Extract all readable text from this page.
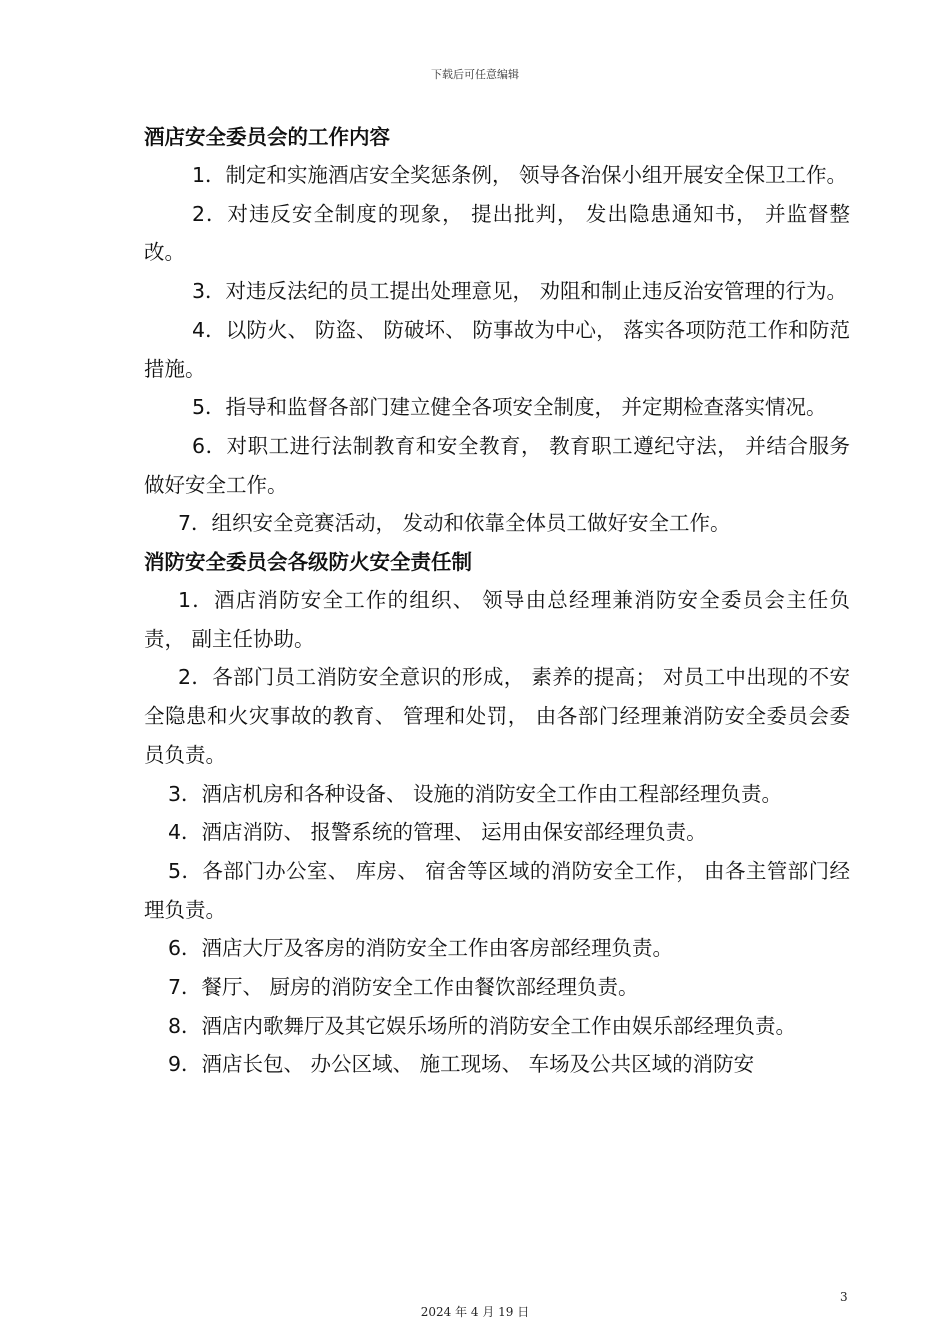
下载后可任意编辑
酒店安全委员会的工作内容

1．制定和实施酒店安全奖惩条例， 领导各治保小组开展安全保卫工作。

2．对违反安全制度的现象， 提出批判， 发出隐患通知书， 并监督整改。

3．对违反法纪的员工提出处理意见， 劝阻和制止违反治安管理的行为。

4．以防火、 防盗、 防破坏、 防事故为中心， 落实各项防范工作和防范措施。

5．指导和监督各部门建立健全各项安全制度， 并定期检查落实情况。

6．对职工进行法制教育和安全教育， 教育职工遵纪守法， 并结合服务做好安全工作。

7．组织安全竞赛活动， 发动和依靠全体员工做好安全工作。

消防安全委员会各级防火安全责任制

1．酒店消防安全工作的组织、 领导由总经理兼消防安全委员会主任负责， 副主任协助。

2．各部门员工消防安全意识的形成， 素养的提高； 对员工中出现的不安全隐患和火灾事故的教育、 管理和处罚， 由各部门经理兼消防安全委员会委员负责。

3．酒店机房和各种设备、 设施的消防安全工作由工程部经理负责。

4．酒店消防、 报警系统的管理、 运用由保安部经理负责。

5．各部门办公室、 库房、 宿舍等区域的消防安全工作， 由各主管部门经理负责。

6．酒店大厅及客房的消防安全工作由客房部经理负责。

7．餐厅、 厨房的消防安全工作由餐饮部经理负责。

8．酒店内歌舞厅及其它娱乐场所的消防安全工作由娱乐部经理负责。

9．酒店长包、 办公区域、 施工现场、 车场及公共区域的消防安

3
2024 年 4 月 19 日
